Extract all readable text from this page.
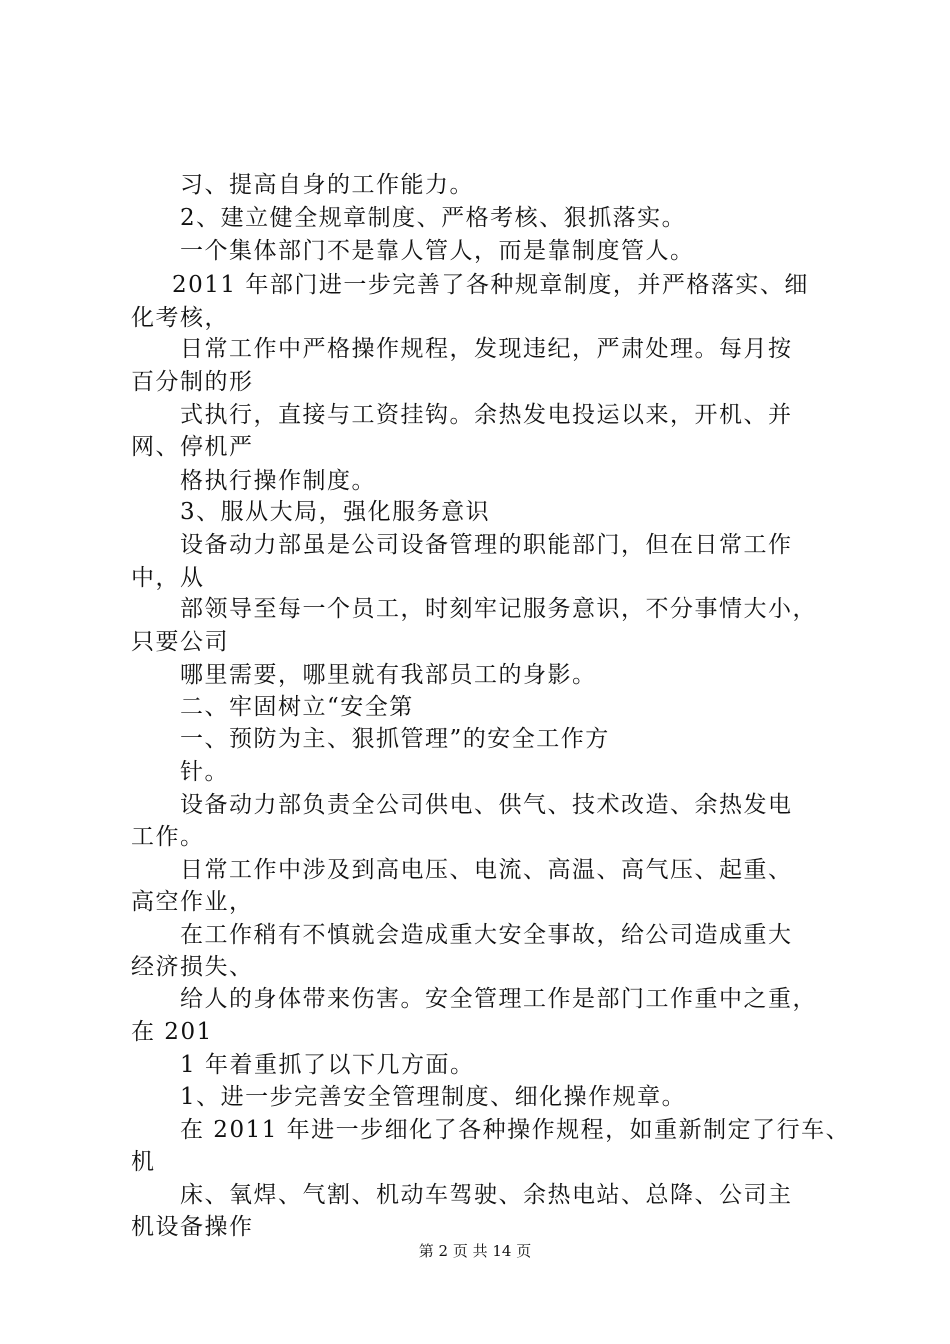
习、提高自身的工作能力。
2、建立健全规章制度、严格考核、狠抓落实。
一个集体部门不是靠人管人，而是靠制度管人。
2011 年部门进一步完善了各种规章制度，并严格落实、细
化考核，
日常工作中严格操作规程，发现违纪，严肃处理。每月按
百分制的形
式执行，直接与工资挂钩。余热发电投运以来，开机、并
网、停机严
格执行操作制度。
3、服从大局，强化服务意识
设备动力部虽是公司设备管理的职能部门，但在日常工作
中，从
部领导至每一个员工，时刻牢记服务意识，不分事情大小，
只要公司
哪里需要，哪里就有我部员工的身影。
二、牢固树立“安全第
一、预防为主、狠抓管理”的安全工作方
针。
设备动力部负责全公司供电、供气、技术改造、余热发电
工作。
日常工作中涉及到高电压、电流、高温、高气压、起重、
高空作业，
在工作稍有不慎就会造成重大安全事故，给公司造成重大
经济损失、
给人的身体带来伤害。安全管理工作是部门工作重中之重，
在 201
1 年着重抓了以下几方面。
1、进一步完善安全管理制度、细化操作规章。
在 2011 年进一步细化了各种操作规程，如重新制定了行车、
机
床、氧焊、气割、机动车驾驶、余热电站、总降、公司主
机设备操作
第 2 页 共 14 页
